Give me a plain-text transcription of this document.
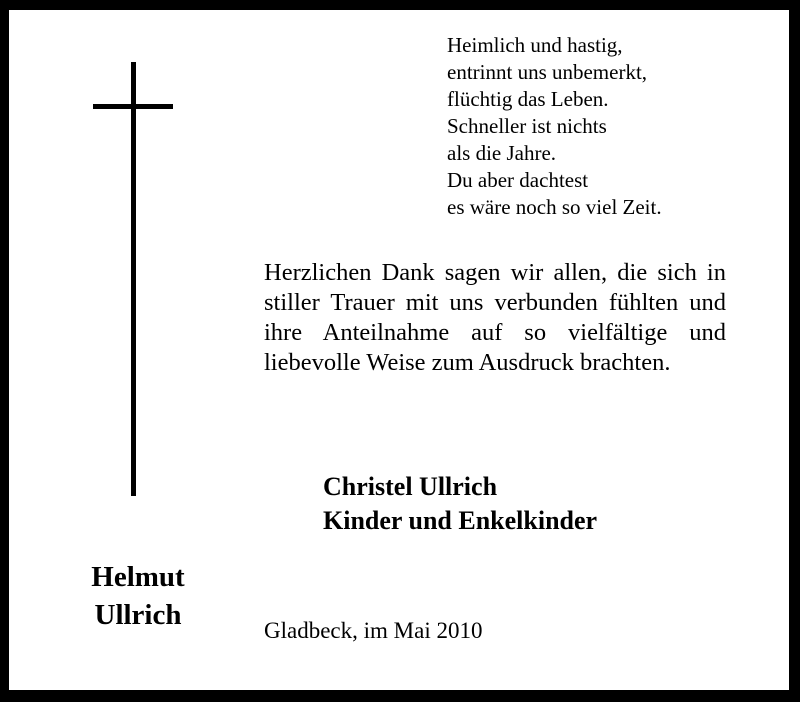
Heimlich und hastig,
entrinnt uns unbemerkt,
flüchtig das Leben.
Schneller ist nichts
als die Jahre.
Du aber dachtest
es wäre noch so viel Zeit.
Herzlichen Dank sagen wir allen, die sich in stiller Trauer mit uns verbunden fühlten und ihre Anteilnahme auf so vielfältige und liebevolle Weise zum Ausdruck brachten.
Christel Ullrich
Kinder und Enkelkinder
Helmut
Ullrich	Gladbeck, im Mai 2010
